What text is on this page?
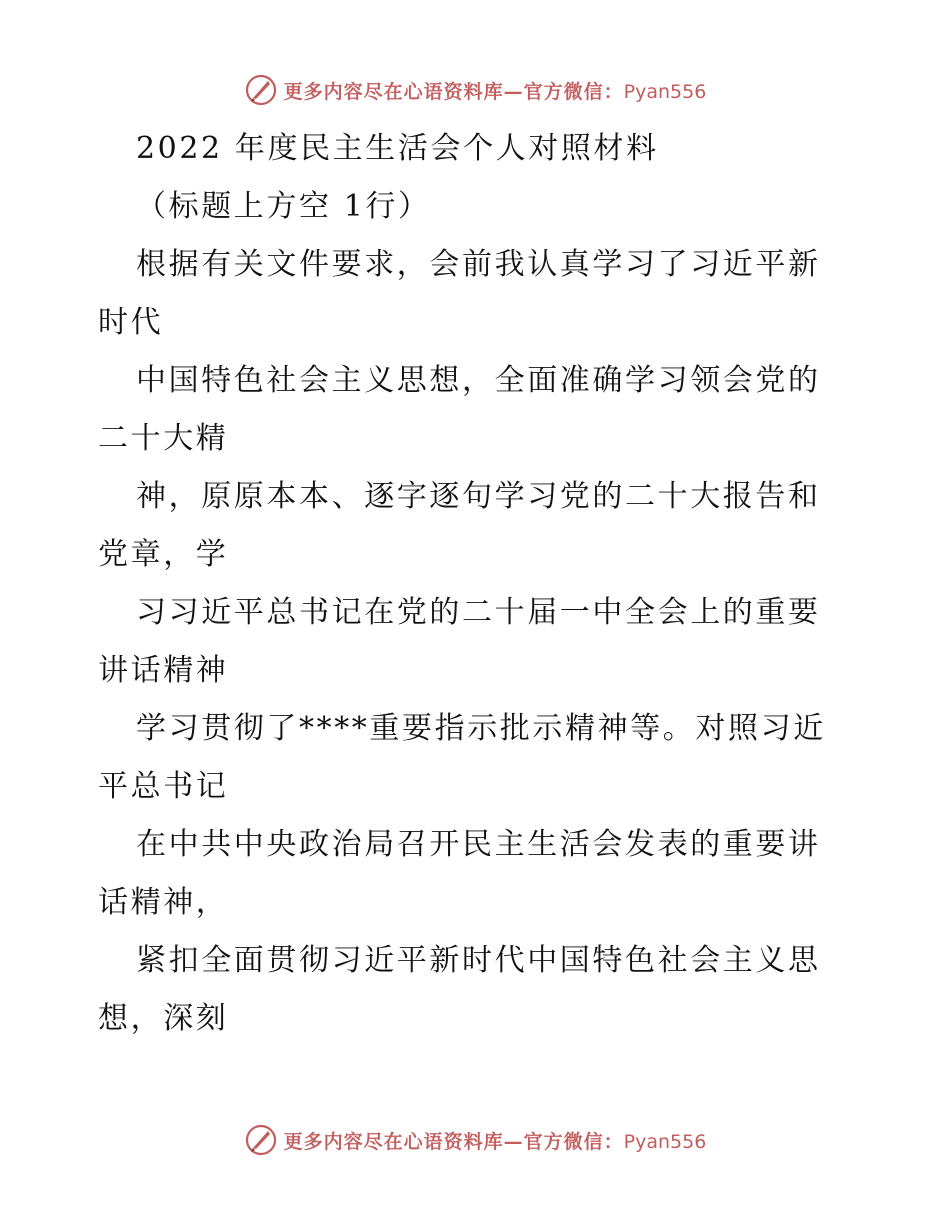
更多内容尽在心语资料库—官方微信：Pyan556
2022 年度民主生活会个人对照材料
（标题上方空 1行）
根据有关文件要求，会前我认真学习了习近平新
时代
中国特色社会主义思想，全面准确学习领会党的
二十大精
神，原原本本、逐字逐句学习党的二十大报告和
党章，学
习习近平总书记在党的二十届一中全会上的重要
讲话精神
学习贯彻了****重要指示批示精神等。对照习近
平总书记
在中共中央政治局召开民主生活会发表的重要讲
话精神，
紧扣全面贯彻习近平新时代中国特色社会主义思
想，深刻
更多内容尽在心语资料库—官方微信：Pyan556
